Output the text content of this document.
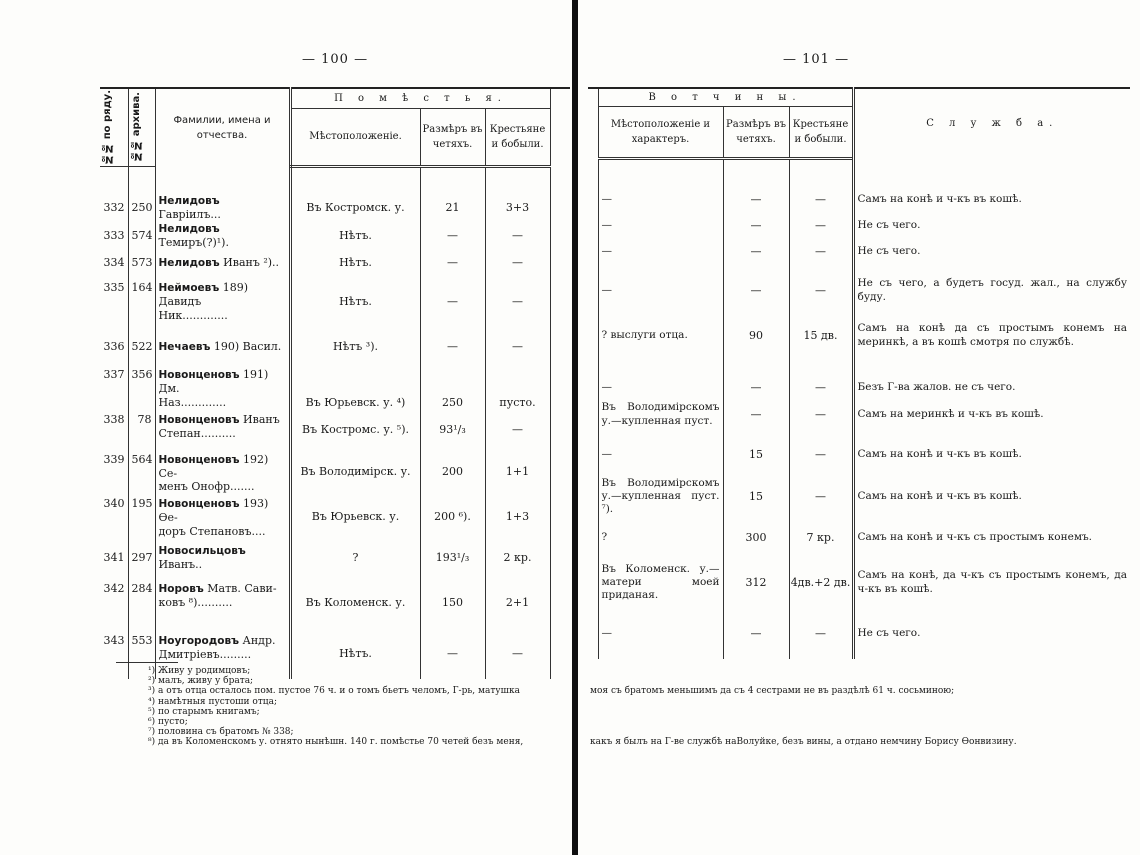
— 100 —
№№ по ряду.	№№ архива.	Фамилии, имена и отчества.	П о м ѣ с т ь я.			
			Мѣстоположеніе.	Размѣръ въ четяхъ.	Крестьяне и бобыли.	

332	250	Нелидовъ Гаврiилъ...	Въ Костромск. у.	21	3+3	
333	574	Нелидовъ Темиръ(?)¹).	Нѣтъ.	—	—	
334	573	Нелидовъ Иванъ ²)..	Нѣтъ.	—	—	
335	164	Неймоевъ 189) Давидъ
Ник.............	Нѣтъ.	—	—	
336	522	Нечаевъ 190) Васил.	Нѣтъ ³).	—	—	
337	356	Новонценовъ 191) Дм.
Наз.............	Въ Юрьевск. у. ⁴)	250	пусто.	
338	78	Новонценовъ Иванъ
Степан..........	Въ Костромс. у. ⁵).	93¹/₃	—	
339	564	Новонценовъ 192) Се-
менъ Онофр.......	Въ Володимірск. у.	200	1+1	
340	195	Новонценовъ 193) Ѳе-
доръ Степановъ....	Въ Юрьевск. у.	200 ⁶).	1+3	
341	297	Новосильцовъ Иванъ..	?	193¹/₃	2 кр.	
342	284	Норовъ Матв. Сави-
ковъ ⁸)..........	Въ Коломенск. у.	150	2+1	
343	553	Ноугородовъ Андр.
Дмитріевъ.........	Нѣтъ.	—	—	
¹) Живу у родимцовъ;
²) малъ, живу у брата;
³) а отъ отца осталось пом. пустое 76 ч. и о томъ бьетъ челомъ, Г-рь, матушка
⁴) намѣтныя пустоши отца;
⁵) по старымъ книгамъ;
⁶) пусто;
⁷) половина съ братомъ № 338;
⁸) да въ Коломенскомъ у. отнято нынѣшн. 140 г. помѣстье 70 четей безъ меня,
— 101 —
	В о т ч и н ы.			С л у ж б а.
	Мѣстоположеніе и характеръ.	Размѣръ въ четяхъ.	Крестьяне и бобыли.	

	—	—	—	Самъ на конѣ и ч-къ въ кошѣ.
	—	—	—	Не съ чего.
	—	—	—	Не съ чего.
	—	—	—	Не съ чего, а будетъ госуд. жал., на службу буду.
	? выслуги отца.	90	15 дв.	Самъ на конѣ да съ простымъ конемъ на меринкѣ, а въ кошѣ смотря по службѣ.
	—	—	—	Безъ Г-ва жалов. не съ чего.
	Въ Володимірскомъ у.—купленная пуст.	—	—	Самъ на меринкѣ и ч-къ въ кошѣ.
	—	15	—	Самъ на конѣ и ч-къ въ кошѣ.
	Въ Володимірскомъ у.—купленная пуст. ⁷).	15	—	Самъ на конѣ и ч-къ въ кошѣ.
	?	300	7 кр.	Самъ на конѣ и ч-къ съ простымъ конемъ.
	Въ Коломенск. у.—матери моей приданая.	312	4дв.+2 дв.	Самъ на конѣ, да ч-къ съ простымъ конемъ, да ч-къ въ кошѣ.
	—	—	—	Не съ чего.
моя съ братомъ меньшимъ да съ 4 сестрами не въ раздѣлѣ 61 ч. сосьминою;
какъ я былъ на Г-ве службѣ наВолуйке, безъ вины, а отдано немчину Борису Ѳонвизину.
